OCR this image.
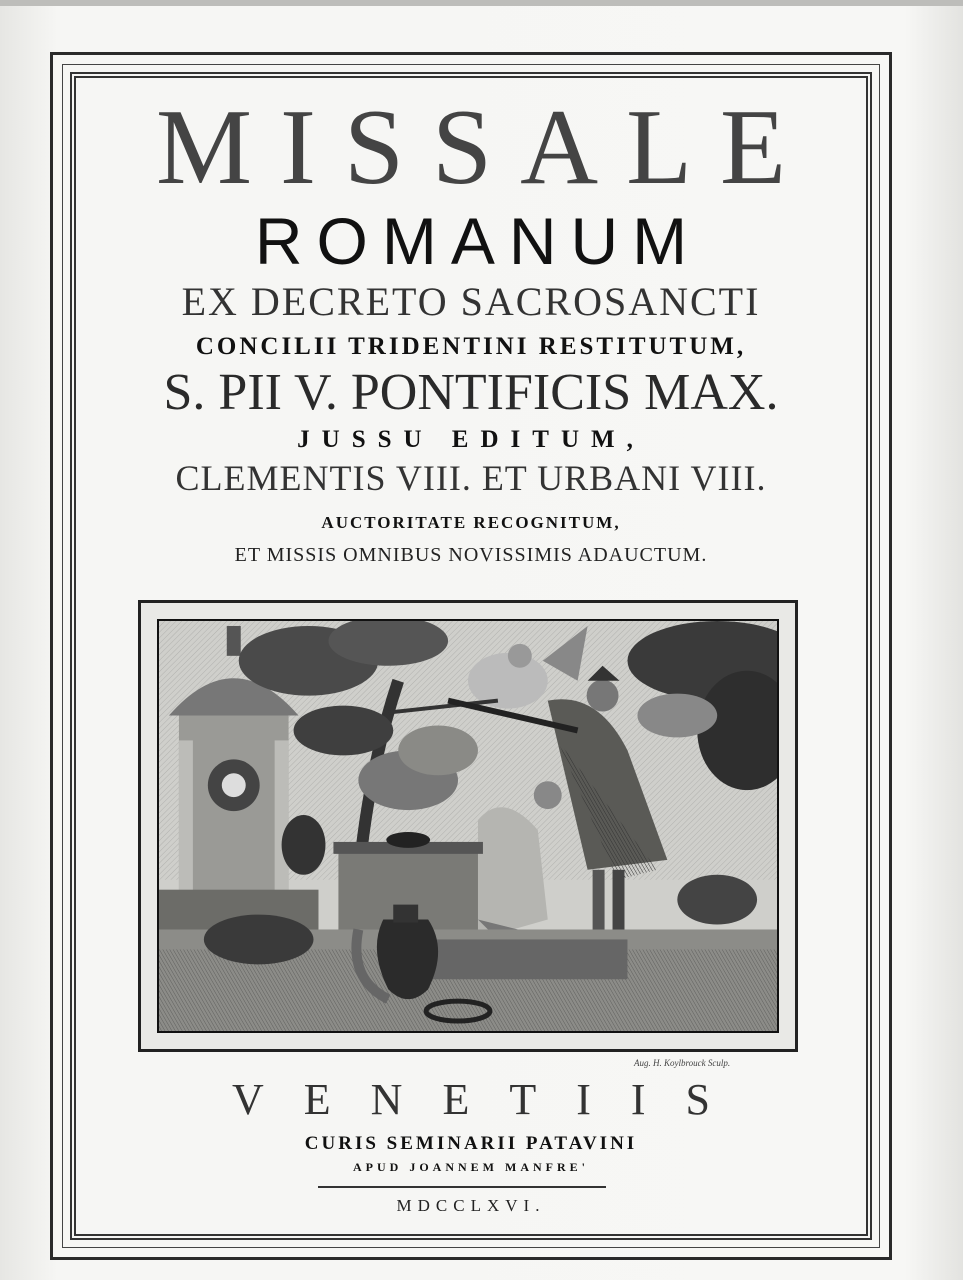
MISSALE
ROMANUM
EX DECRETO SACROSANCTI
CONCILII TRIDENTINI RESTITUTUM,
S. PII V. PONTIFICIS MAX.
JUSSU EDITUM,
CLEMENTIS VIII. ET URBANI VIII.
AUCTORITATE RECOGNITUM,
ET MISSIS OMNIBUS NOVISSIMIS ADAUCTUM.
Aug. H. Koylbrouck Sculp.
VENETIIS
CURIS SEMINARII PATAVINI
APUD JOANNEM MANFRE'
MDCCLXVI.
